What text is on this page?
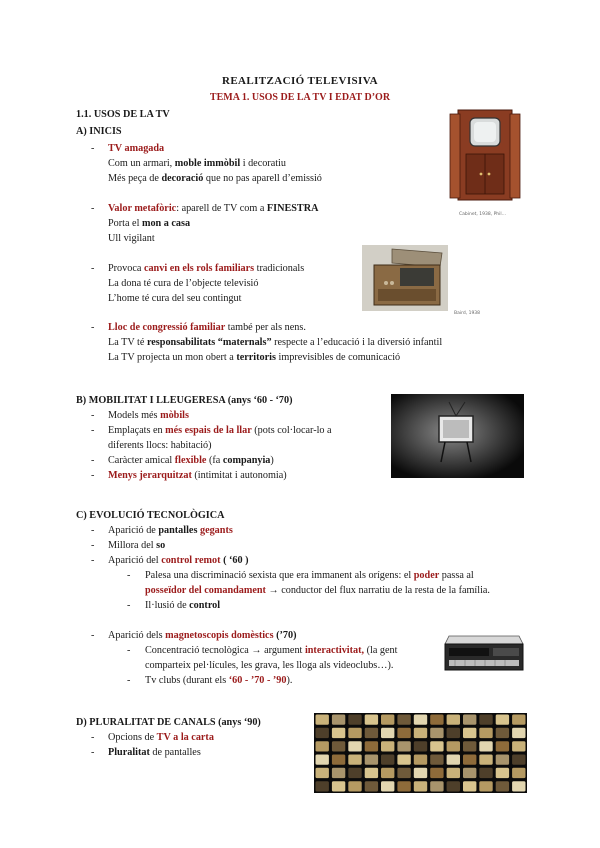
REALITZACIÓ TELEVISIVA
TEMA 1. USOS DE LA TV I EDAT D’OR
1.1. USOS DE LA TV
A) INICIS
-	TV amagada
Com un armari, moble immòbil i decoratiu
Més peça de decoració que no pas aparell d’emissió
-	Valor metafòric: aparell de TV com a FINESTRA
Porta el mon a casa
Ull vigilant
-	Provoca canvi en els rols familiars tradicionals
La dona té cura de l’objecte televisió
L’home té cura del seu contingut
-	Lloc de congressió familiar també per als nens.
La TV té responsabilitats “maternals” respecte a l’educació i la diversió infantil
La TV projecta un mon obert a territoris imprevisibles de comunicació
Cabinet, 1938, Phil…
Baird, 1938
B) MOBILITAT I LLEUGERESA (anys ‘60 - ‘70)
-	Models més mòbils
-	Emplaçats en més espais de la llar (pots col·locar-lo a
diferents llocs: habitació)
-	Caràcter amical flexible (fa companyia)
-	Menys jerarquitzat (intimitat i autonomia)
C) EVOLUCIÓ TECNOLÒGICA
-	Aparició de pantalles gegants
-	Millora del so
-	Aparició del control remot ( ‘60 )
-	Palesa una discriminació sexista que era immanent als orígens: el poder passa al
posseïdor del comandament → conductor del flux narratiu de la resta de la família.
-	Il·lusió de control
-	Aparició dels magnetoscopis domèstics (’70)
-	Concentració tecnològica → argument interactivitat, (la gent
comparteix pel·lícules, les grava, les lloga als videoclubs…).
-	Tv clubs (durant els ‘60 - ’70 - ’90).
D) PLURALITAT DE CANALS (anys ‘90)
-	Opcions de TV a la carta
-	Pluralitat de pantalles
